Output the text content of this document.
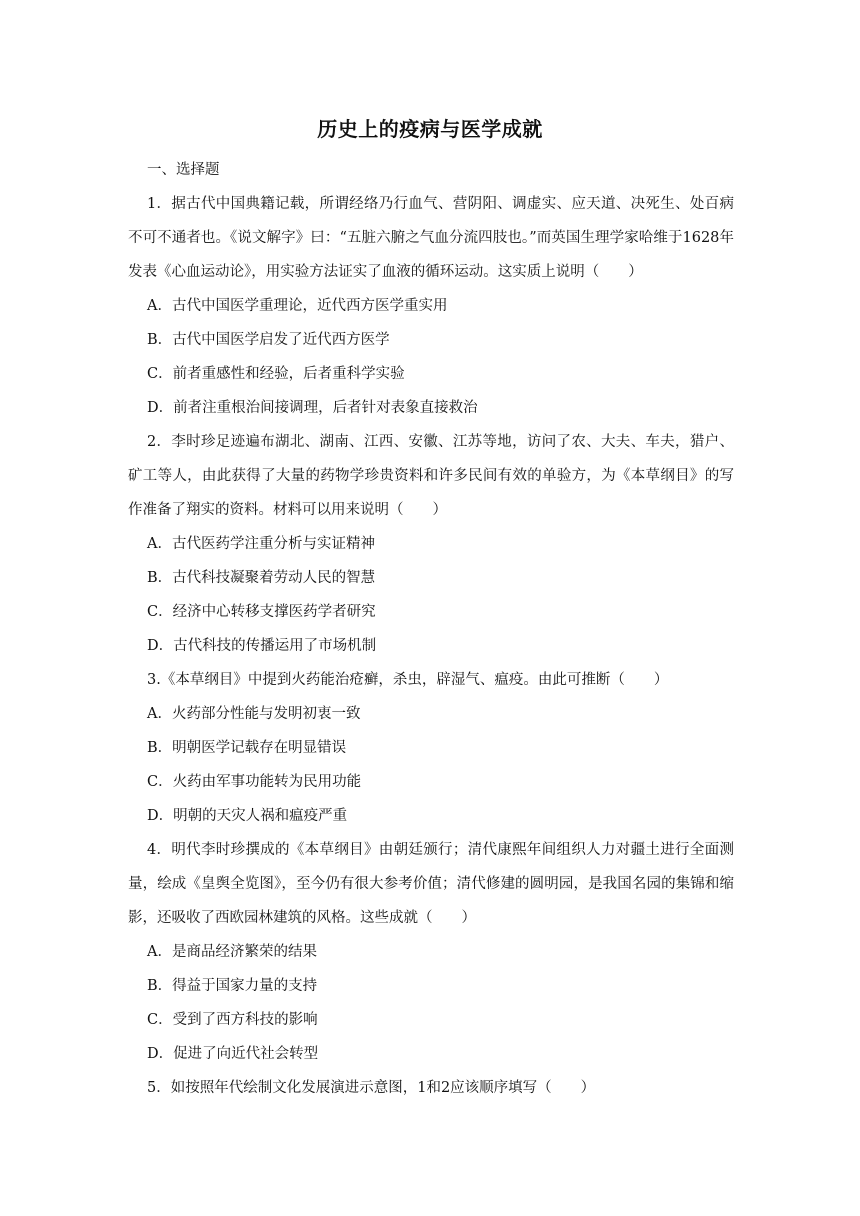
历史上的疫病与医学成就
一、选择题

1．据古代中国典籍记载，所谓经络乃行血气、营阴阳、调虚实、应天道、决死生、处百病不可不通者也。《说文解字》曰：“五脏六腑之气血分流四肢也。”而英国生理学家哈维于1628年发表《心血运动论》，用实验方法证实了血液的循环运动。这实质上说明（　　）

A．古代中国医学重理论，近代西方医学重实用

B．古代中国医学启发了近代西方医学

C．前者重感性和经验，后者重科学实验

D．前者注重根治间接调理，后者针对表象直接救治

2．李时珍足迹遍布湖北、湖南、江西、安徽、江苏等地，访问了农、大夫、车夫，猎户、矿工等人，由此获得了大量的药物学珍贵资料和许多民间有效的单验方，为《本草纲目》的写作准备了翔实的资料。材料可以用来说明（　　）

A．古代医药学注重分析与实证精神

B．古代科技凝聚着劳动人民的智慧

C．经济中心转移支撑医药学者研究

D．古代科技的传播运用了市场机制

3.《本草纲目》中提到火药能治疮癣，杀虫，辟湿气、瘟疫。由此可推断（　　）

A．火药部分性能与发明初衷一致

B．明朝医学记载存在明显错误

C．火药由军事功能转为民用功能

D．明朝的天灾人祸和瘟疫严重

4．明代李时珍撰成的《本草纲目》由朝廷颁行；清代康熙年间组织人力对疆土进行全面测量，绘成《皇舆全览图》，至今仍有很大参考价值；清代修建的圆明园，是我国名园的集锦和缩影，还吸收了西欧园林建筑的风格。这些成就（　　）

A．是商品经济繁荣的结果

B．得益于国家力量的支持

C．受到了西方科技的影响

D．促进了向近代社会转型

5．如按照年代绘制文化发展演进示意图，1和2应该顺序填写（　　）
